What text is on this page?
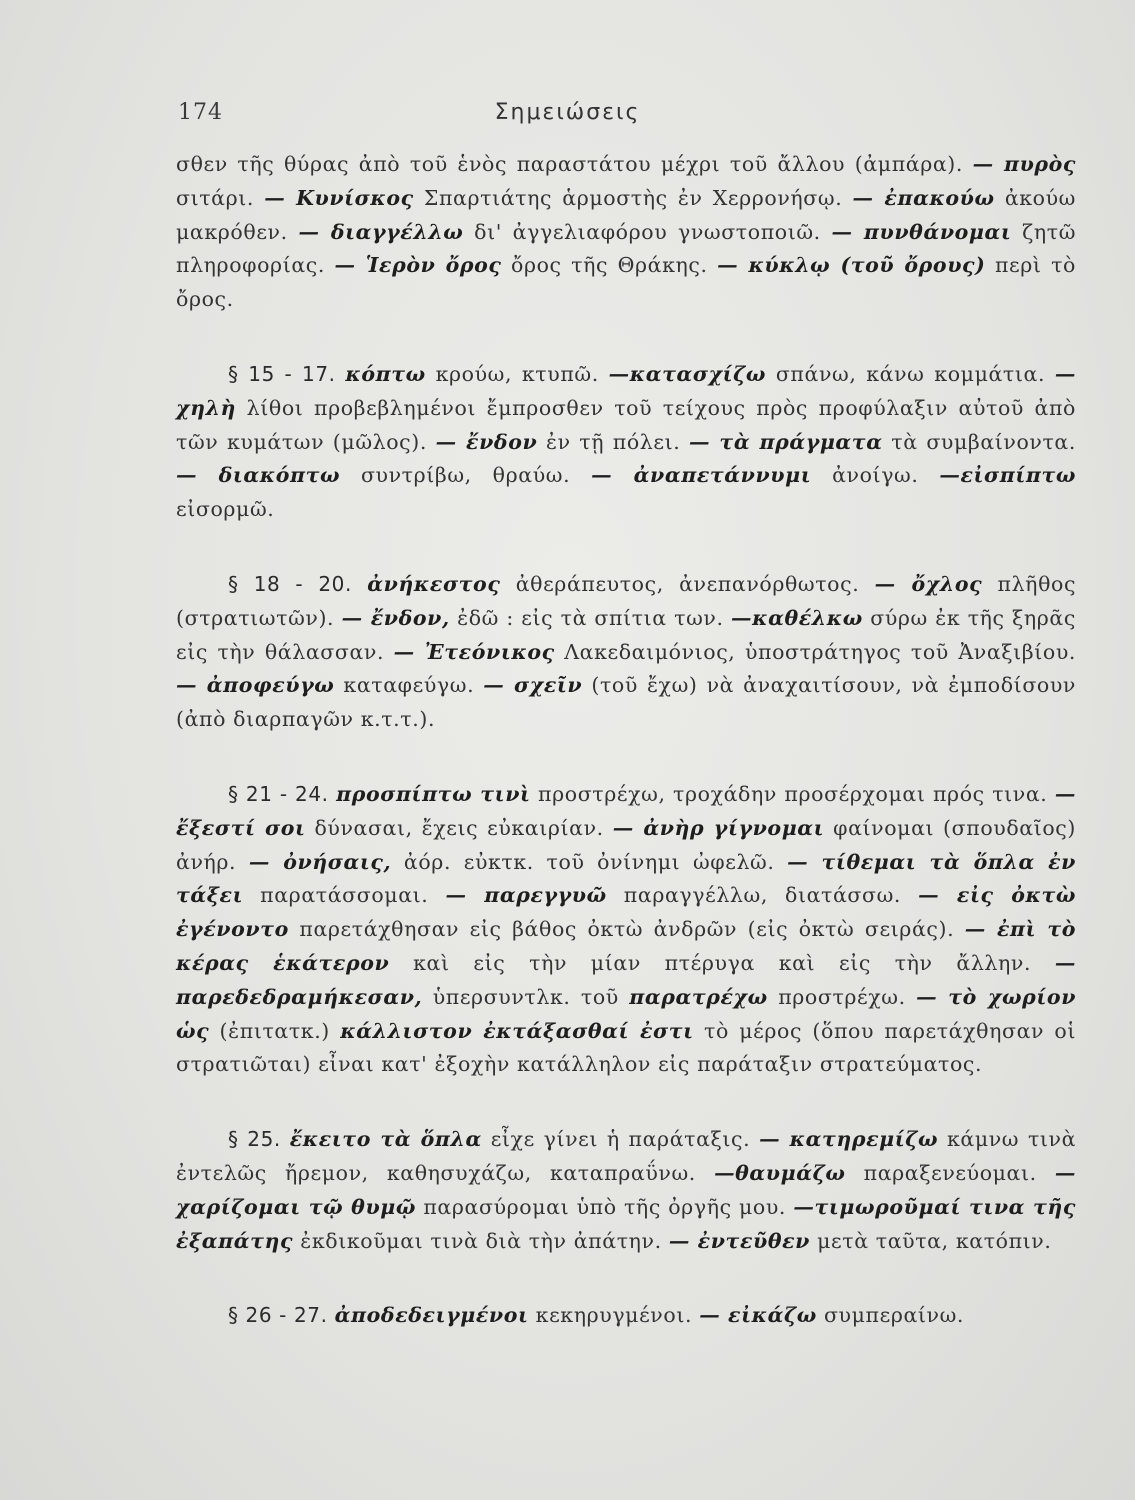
174	Σημειώσεις

σθεν τῆς θύρας ἀπὸ τοῦ ἑνὸς παραστάτου μέχρι τοῦ ἄλλου (ἀμπάρα). — πυρὸς σιτάρι. — Κυνίσκος Σπαρτιάτης ἁρμοστὴς ἐν Χερρονήσῳ. — ἐπακούω ἀκούω μακρόθεν. — διαγγέλλω δι' ἀγγελιαφόρου γνωστοποιῶ. — πυνθάνομαι ζητῶ πληροφορίας. — Ἱερὸν ὄρος ὄρος τῆς Θράκης. — κύκλῳ (τοῦ ὄρους) περὶ τὸ ὄρος.

§ 15 - 17. κόπτω κρούω, κτυπῶ. —κατασχίζω σπάνω, κάνω κομμάτια. — χηλὴ λίθοι προβεβλημένοι ἔμπροσθεν τοῦ τείχους πρὸς προφύλαξιν αὐτοῦ ἀπὸ τῶν κυμάτων (μῶλος). — ἔνδον ἐν τῇ πόλει. — τὰ πράγματα τὰ συμβαίνοντα. — διακόπτω συντρίβω, θραύω. — ἀναπετάννυμι ἀνοίγω. —εἰσπίπτω εἰσορμῶ.

§ 18 - 20. ἀνήκεστος ἀθεράπευτος, ἀνεπανόρθωτος. — ὄχλος πλῆθος (στρατιωτῶν). — ἔνδον, ἐδῶ : εἰς τὰ σπίτια των. —καθέλκω σύρω ἐκ τῆς ξηρᾶς εἰς τὴν θάλασσαν. — Ἐτεόνικος Λακεδαιμόνιος, ὑποστράτηγος τοῦ Ἀναξιβίου. — ἀποφεύγω καταφεύγω. — σχεῖν (τοῦ ἔχω) νὰ ἀναχαιτίσουν, νὰ ἐμποδίσουν (ἀπὸ διαρπαγῶν κ.τ.τ.).

§ 21 - 24. προσπίπτω τινὶ προστρέχω, τροχάδην προσέρχομαι πρός τινα. — ἔξεστί σοι δύνασαι, ἔχεις εὐκαιρίαν. — ἀνὴρ γίγνομαι φαίνομαι (σπουδαῖος) ἀνήρ. — ὀνήσαις, ἀόρ. εὐκτκ. τοῦ ὀνίνημι ὠφελῶ. — τίθεμαι τὰ ὅπλα ἐν τάξει παρατάσσομαι. — παρεγγυῶ παραγγέλλω, διατάσσω. — εἰς ὀκτὼ ἐγένοντο παρετάχθησαν εἰς βάθος ὀκτὼ ἀνδρῶν (εἰς ὀκτὼ σειράς). — ἐπὶ τὸ κέρας ἑκάτερον καὶ εἰς τὴν μίαν πτέρυγα καὶ εἰς τὴν ἄλλην. — παρεδεδραμήκεσαν, ὑπερσυντλκ. τοῦ παρατρέχω προστρέχω. — τὸ χωρίον ὡς (ἐπιτατκ.) κάλλιστον ἐκτάξασθαί ἐστι τὸ μέρος (ὅπου παρετάχθησαν οἱ στρατιῶται) εἶναι κατ' ἐξοχὴν κατάλληλον εἰς παράταξιν στρατεύματος.

§ 25. ἔκειτο τὰ ὅπλα εἶχε γίνει ἡ παράταξις. — κατηρεμίζω κάμνω τινὰ ἐντελῶς ἤρεμον, καθησυχάζω, καταπραΰνω. —θαυμάζω παραξενεύομαι. — χαρίζομαι τῷ θυμῷ παρασύρομαι ὑπὸ τῆς ὀργῆς μου. —τιμωροῦμαί τινα τῆς ἐξαπάτης ἐκδικοῦμαι τινὰ διὰ τὴν ἀπάτην. — ἐντεῦθεν μετὰ ταῦτα, κατόπιν.

§ 26 - 27. ἀποδεδειγμένοι κεκηρυγμένοι. — εἰκάζω συμπεραίνω.
